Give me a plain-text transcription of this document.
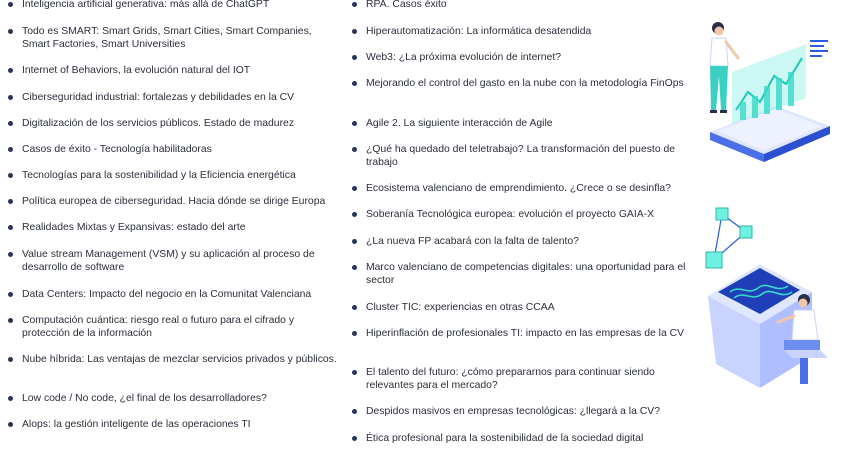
Inteligencia artificial generativa: más allá de ChatGPT
Todo es SMART: Smart Grids, Smart Cities, Smart Companies, Smart Factories, Smart Universities
Internet of Behaviors, la evolución natural del IOT
Ciberseguridad industrial: fortalezas y debilidades en la CV
Digitalización de los servicios públicos. Estado de madurez
Casos de éxito - Tecnología habilitadoras
Tecnologías para la sostenibilidad y la Eficiencia energética
Política europea de ciberseguridad. Hacia dónde se dirige Europa
Realidades Mixtas y Expansivas: estado del arte
Value stream Management (VSM) y su aplicación al proceso de desarrollo de software
Data Centers: Impacto del negocio en la Comunitat Valenciana
Computación cuántica: riesgo real o futuro para el cifrado y protección de la información
Nube híbrida: Las ventajas de mezclar servicios privados y públicos.
Low code / No code, ¿el final de los desarrolladores?
Alops: la gestión inteligente de las operaciones TI
RPA. Casos éxito
Hiperautomatización: La informática desatendida
Web3: ¿La próxima evolución de internet?
Mejorando el control del gasto en la nube con la metodología FinOps
Agile 2. La siguiente interacción de Agile
¿Qué ha quedado del teletrabajo? La transformación del puesto de trabajo
Ecosistema valenciano de emprendimiento. ¿Crece o se desinfla?
Soberanía Tecnológica europea: evolución el proyecto GAIA-X
¿La nueva FP acabará con la falta de talento?
Marco valenciano de competencias digitales: una oportunidad para el sector
Cluster TIC: experiencias en otras CCAA
Hiperinflación de profesionales TI: impacto en las empresas de la CV
El talento del futuro: ¿cómo prepararnos para continuar siendo relevantes para el mercado?
Despidos masivos en empresas tecnológicas: ¿llegará a la CV?
Ética profesional para la sostenibilidad de la sociedad digital
